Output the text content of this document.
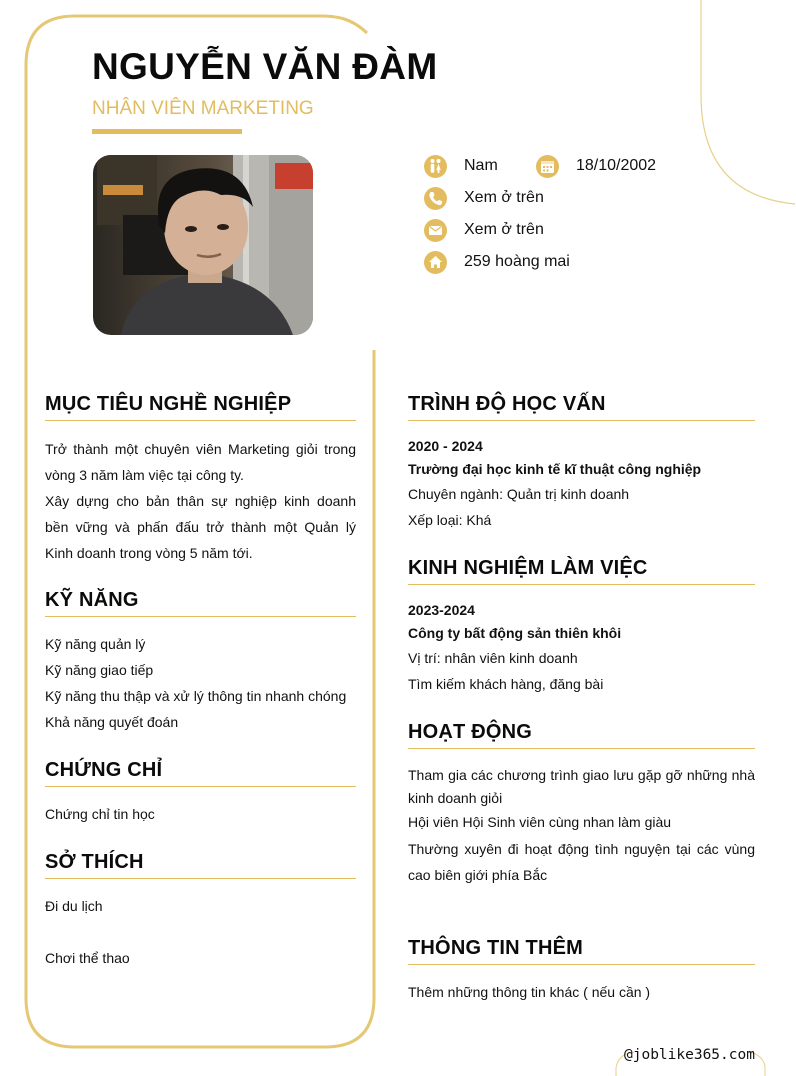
NGUYỄN VĂN ĐÀM
NHÂN VIÊN MARKETING
Nam	18/10/2002
Xem ở trên
Xem ở trên
259 hoàng mai
MỤC TIÊU NGHỀ NGHIỆP
Trở thành một chuyên viên Marketing giỏi trong vòng 3 năm làm việc tại công ty.
Xây dựng cho bản thân sự nghiệp kinh doanh bền vững và phấn đấu trở thành một Quản lý Kinh doanh trong vòng 5 năm tới.
KỸ NĂNG
Kỹ năng quản lý
Kỹ năng giao tiếp
Kỹ năng thu thập và xử lý thông tin nhanh chóng
Khả năng quyết đoán
CHỨNG CHỈ
Chứng chỉ tin học
SỞ THÍCH
Đi du lịch
Chơi thể thao
TRÌNH ĐỘ HỌC VẤN
2020 - 2024
Trường đại học kinh tế kĩ thuật công nghiệp
Chuyên ngành: Quản trị kinh doanh
Xếp loại: Khá
KINH NGHIỆM LÀM VIỆC
2023-2024
Công ty bất động sản thiên khôi
Vị trí: nhân viên kinh doanh
Tìm kiếm khách hàng, đăng bài
HOẠT ĐỘNG
Tham gia các chương trình giao lưu gặp gỡ những nhà kinh doanh giỏi
Hội viên Hội Sinh viên cùng nhan làm giàu
Thường xuyên đi hoạt động tình nguyện tại các vùng cao biên giới phía Bắc
THÔNG TIN THÊM
Thêm những thông tin khác ( nếu cần )
@joblike365.com
